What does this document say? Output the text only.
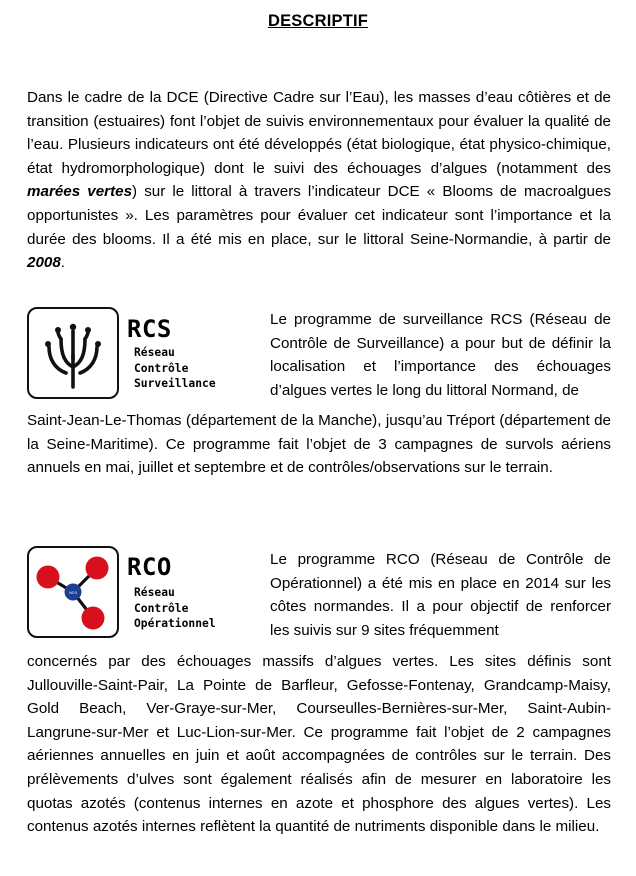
DESCRIPTIF

Dans le cadre de la DCE (Directive Cadre sur l’Eau), les masses d’eau côtières et de transition (estuaires) font l’objet de suivis environnementaux pour évaluer la qualité de l’eau. Plusieurs indicateurs ont été développés (état biologique, état physico-chimique, état hydromorphologique) dont le suivi des échouages d’algues (notamment des marées vertes) sur le littoral à travers l’indicateur DCE « Blooms de macroalgues opportunistes ». Les paramètres pour évaluer cet indicateur sont l’importance et la durée des blooms. Il a été mis en place, sur le littoral Seine-Normandie, à partir de 2008.

RCS
Réseau
Contrôle
Surveillance

Le programme de surveillance RCS (Réseau de Contrôle de Surveillance) a pour but de définir la localisation et l’importance des échouages d’algues vertes le long du littoral Normand, de

Saint-Jean-Le-Thomas (département de la Manche), jusqu’au Tréport (département de la Seine-Maritime). Ce programme fait l’objet de 3 campagnes de survols aériens annuels en mai, juillet et septembre et de contrôles/observations sur le terrain.

NO3
RCO
Réseau
Contrôle
Opérationnel

Le programme RCO (Réseau de Contrôle de Opérationnel) a été mis en place en 2014 sur les côtes normandes. Il a pour objectif de renforcer les suivis sur 9 sites fréquemment

concernés par des échouages massifs d’algues vertes. Les sites définis sont Jullouville-Saint-Pair, La Pointe de Barfleur, Gefosse-Fontenay, Grandcamp-Maisy, Gold Beach, Ver-Graye-sur-Mer, Courseulles-Bernières-sur-Mer, Saint-Aubin-Langrune-sur-Mer et Luc-Lion-sur-Mer. Ce programme fait l’objet de 2 campagnes aériennes annuelles en juin et août accompagnées de contrôles sur le terrain. Des prélèvements d’ulves sont également réalisés afin de mesurer en laboratoire les quotas azotés (contenus internes en azote et phosphore des algues vertes). Les contenus azotés internes reflètent la quantité de nutriments disponible dans le milieu.
